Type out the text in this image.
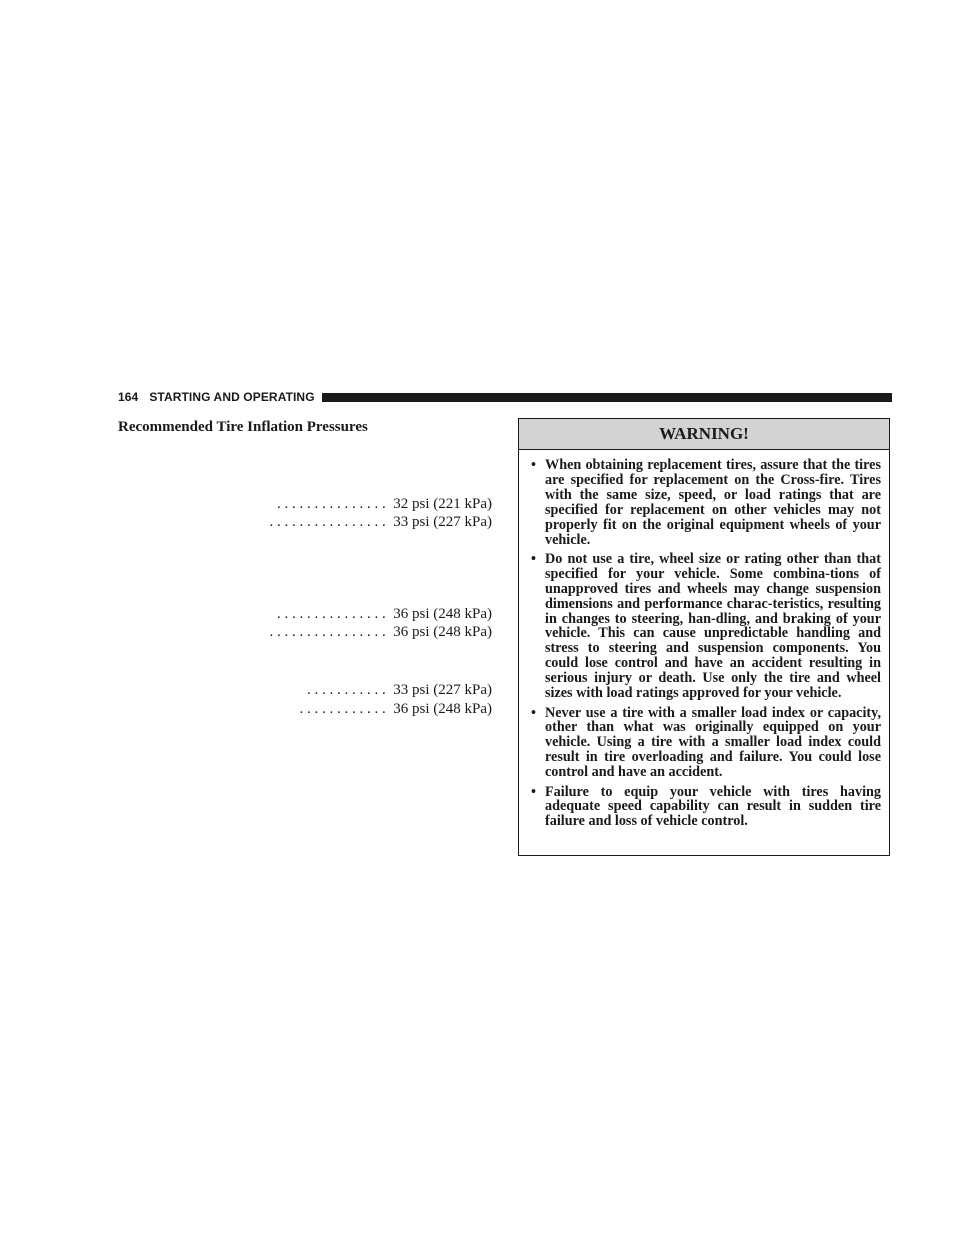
164 STARTING AND OPERATING
Recommended Tire Inflation Pressures
. . . . . . . . . . . . . . .  32 psi (221 kPa)
. . . . . . . . . . . . . . . .  33 psi (227 kPa)
. . . . . . . . . . . . . . .  36 psi (248 kPa)
. . . . . . . . . . . . . . . .  36 psi (248 kPa)
. . . . . . . . . . .  33 psi (227 kPa)
. . . . . . . . . . . .  36 psi (248 kPa)
WARNING!
• When obtaining replacement tires, assure that the tires are specified for replacement on the Cross-fire. Tires with the same size, speed, or load ratings that are specified for replacement on other vehicles may not properly fit on the original equipment wheels of your vehicle.
• Do not use a tire, wheel size or rating other than that specified for your vehicle. Some combina-tions of unapproved tires and wheels may change suspension dimensions and performance charac-teristics, resulting in changes to steering, han-dling, and braking of your vehicle. This can cause unpredictable handling and stress to steering and suspension components. You could lose control and have an accident resulting in serious injury or death. Use only the tire and wheel sizes with load ratings approved for your vehicle.
• Never use a tire with a smaller load index or capacity, other than what was originally equipped on your vehicle. Using a tire with a smaller load index could result in tire overloading and failure. You could lose control and have an accident.
• Failure to equip your vehicle with tires having adequate speed capability can result in sudden tire failure and loss of vehicle control.
